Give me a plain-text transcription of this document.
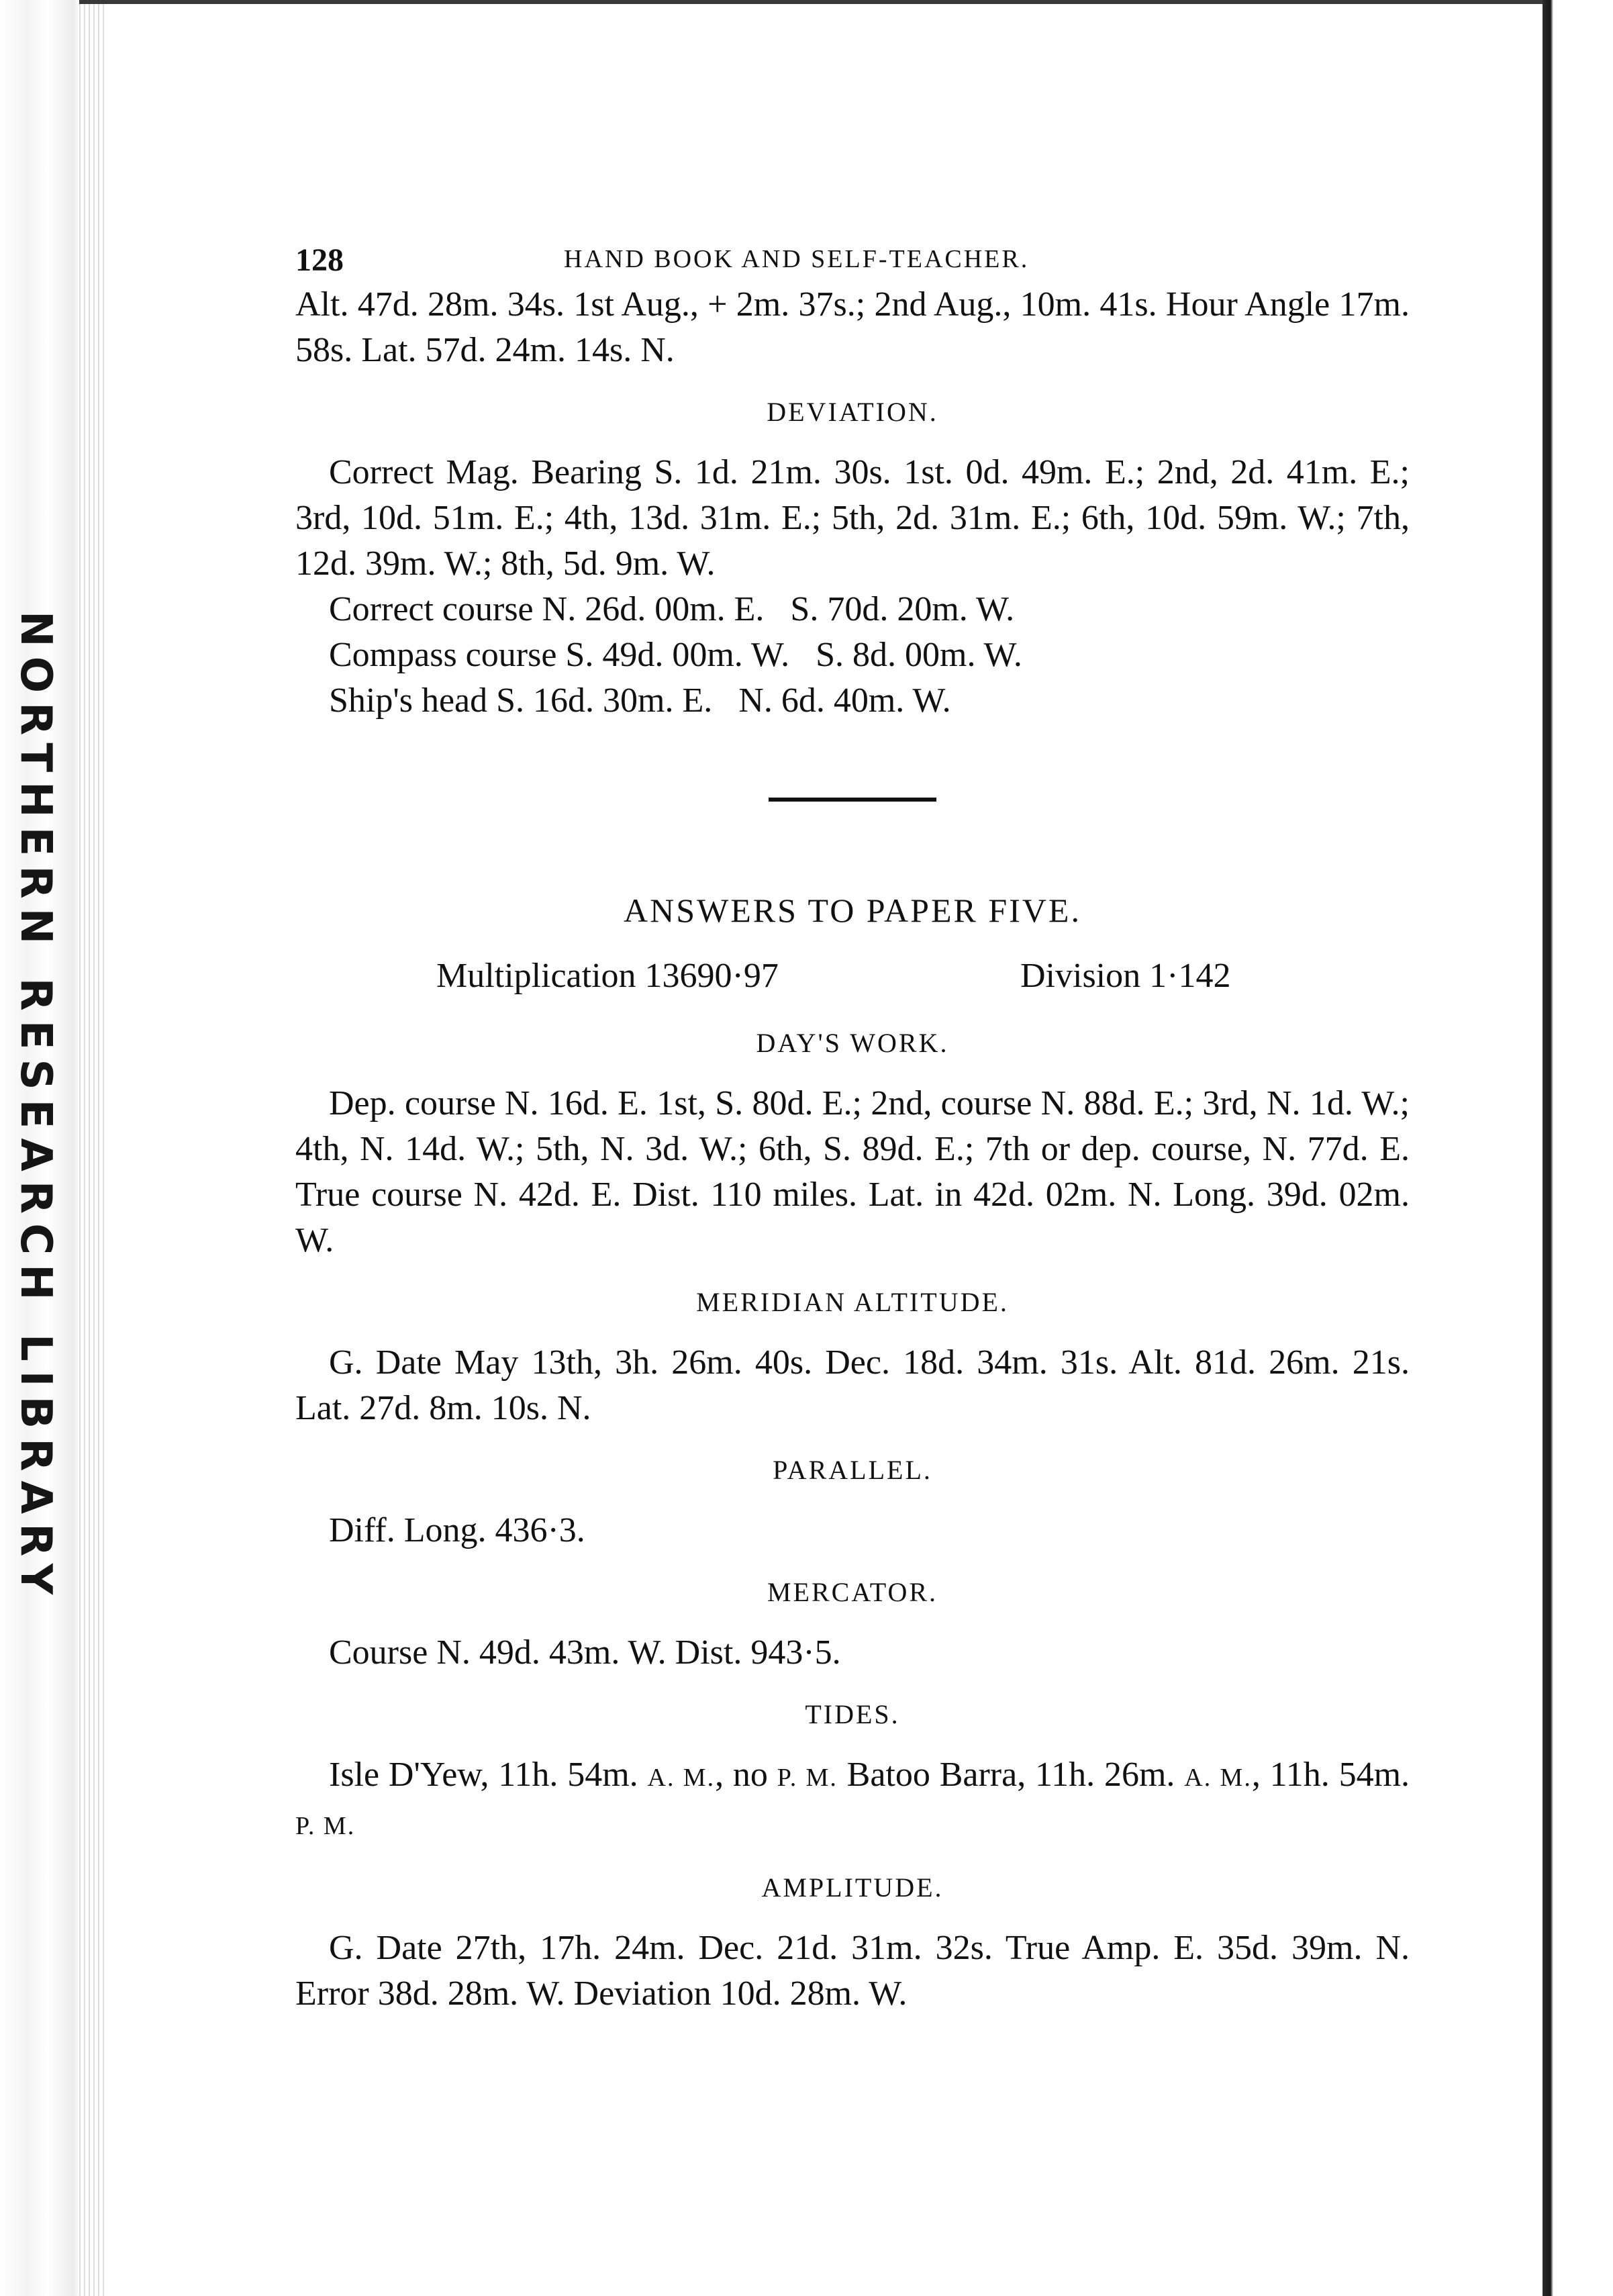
NORTHERN RESEARCH LIBRARY
128	HAND BOOK AND SELF-TEACHER.

Alt. 47d. 28m. 34s. 1st Aug., + 2m. 37s.; 2nd Aug., 10m. 41s. Hour Angle 17m. 58s. Lat. 57d. 24m. 14s. N.

DEVIATION.

Correct Mag. Bearing S. 1d. 21m. 30s. 1st. 0d. 49m. E.; 2nd, 2d. 41m. E.; 3rd, 10d. 51m. E.; 4th, 13d. 31m. E.; 5th, 2d. 31m. E.; 6th, 10d. 59m. W.; 7th, 12d. 39m. W.; 8th, 5d. 9m. W.

Correct course N. 26d. 00m. E.   S. 70d. 20m. W.

Compass course S. 49d. 00m. W.   S. 8d. 00m. W.

Ship's head S. 16d. 30m. E.   N. 6d. 40m. W.

ANSWERS TO PAPER FIVE.
Multiplication 13690·97	Division 1·142
DAY'S WORK.

Dep. course N. 16d. E. 1st, S. 80d. E.; 2nd, course N. 88d. E.; 3rd, N. 1d. W.; 4th, N. 14d. W.; 5th, N. 3d. W.; 6th, S. 89d. E.; 7th or dep. course, N. 77d. E. True course N. 42d. E. Dist. 110 miles. Lat. in 42d. 02m. N. Long. 39d. 02m. W.

MERIDIAN ALTITUDE.

G. Date May 13th, 3h. 26m. 40s. Dec. 18d. 34m. 31s. Alt. 81d. 26m. 21s. Lat. 27d. 8m. 10s. N.

PARALLEL.

Diff. Long. 436·3.

MERCATOR.

Course N. 49d. 43m. W. Dist. 943·5.

TIDES.

Isle D'Yew, 11h. 54m. A. M., no P. M. Batoo Barra, 11h. 26m. A. M., 11h. 54m. P. M.

AMPLITUDE.

G. Date 27th, 17h. 24m. Dec. 21d. 31m. 32s. True Amp. E. 35d. 39m. N. Error 38d. 28m. W. Deviation 10d. 28m. W.
